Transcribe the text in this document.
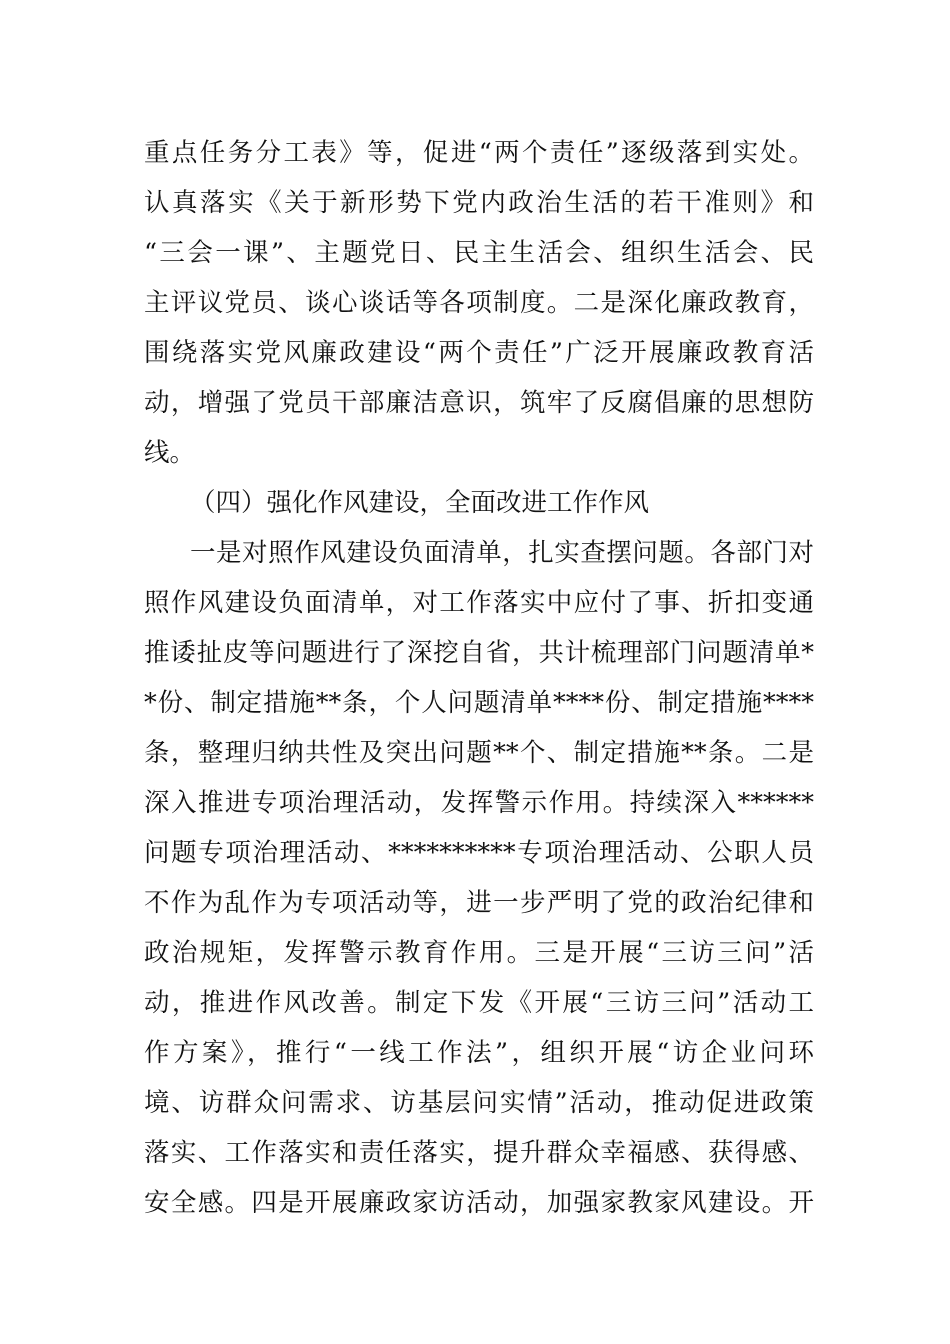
重点任务分工表》等，促进“两个责任”逐级落到实处。
认真落实《关于新形势下党内政治生活的若干准则》和
“三会一课”、主题党日、民主生活会、组织生活会、民
主评议党员、谈心谈话等各项制度。二是深化廉政教育，
围绕落实党风廉政建设“两个责任”广泛开展廉政教育活
动，增强了党员干部廉洁意识，筑牢了反腐倡廉的思想防
线。
（四）强化作风建设，全面改进工作作风
一是对照作风建设负面清单，扎实查摆问题。各部门对
照作风建设负面清单，对工作落实中应付了事、折扣变通
推诿扯皮等问题进行了深挖自省，共计梳理部门问题清单*
*份、制定措施**条，个人问题清单****份、制定措施****
条，整理归纳共性及突出问题**个、制定措施**条。二是
深入推进专项治理活动，发挥警示作用。持续深入******
问题专项治理活动、**********专项治理活动、公职人员
不作为乱作为专项活动等，进一步严明了党的政治纪律和
政治规矩，发挥警示教育作用。三是开展“三访三问”活
动，推进作风改善。制定下发《开展“三访三问”活动工
作方案》，推行“一线工作法”，组织开展“访企业问环
境、访群众问需求、访基层问实情”活动，推动促进政策
落实、工作落实和责任落实，提升群众幸福感、获得感、
安全感。四是开展廉政家访活动，加强家教家风建设。开
